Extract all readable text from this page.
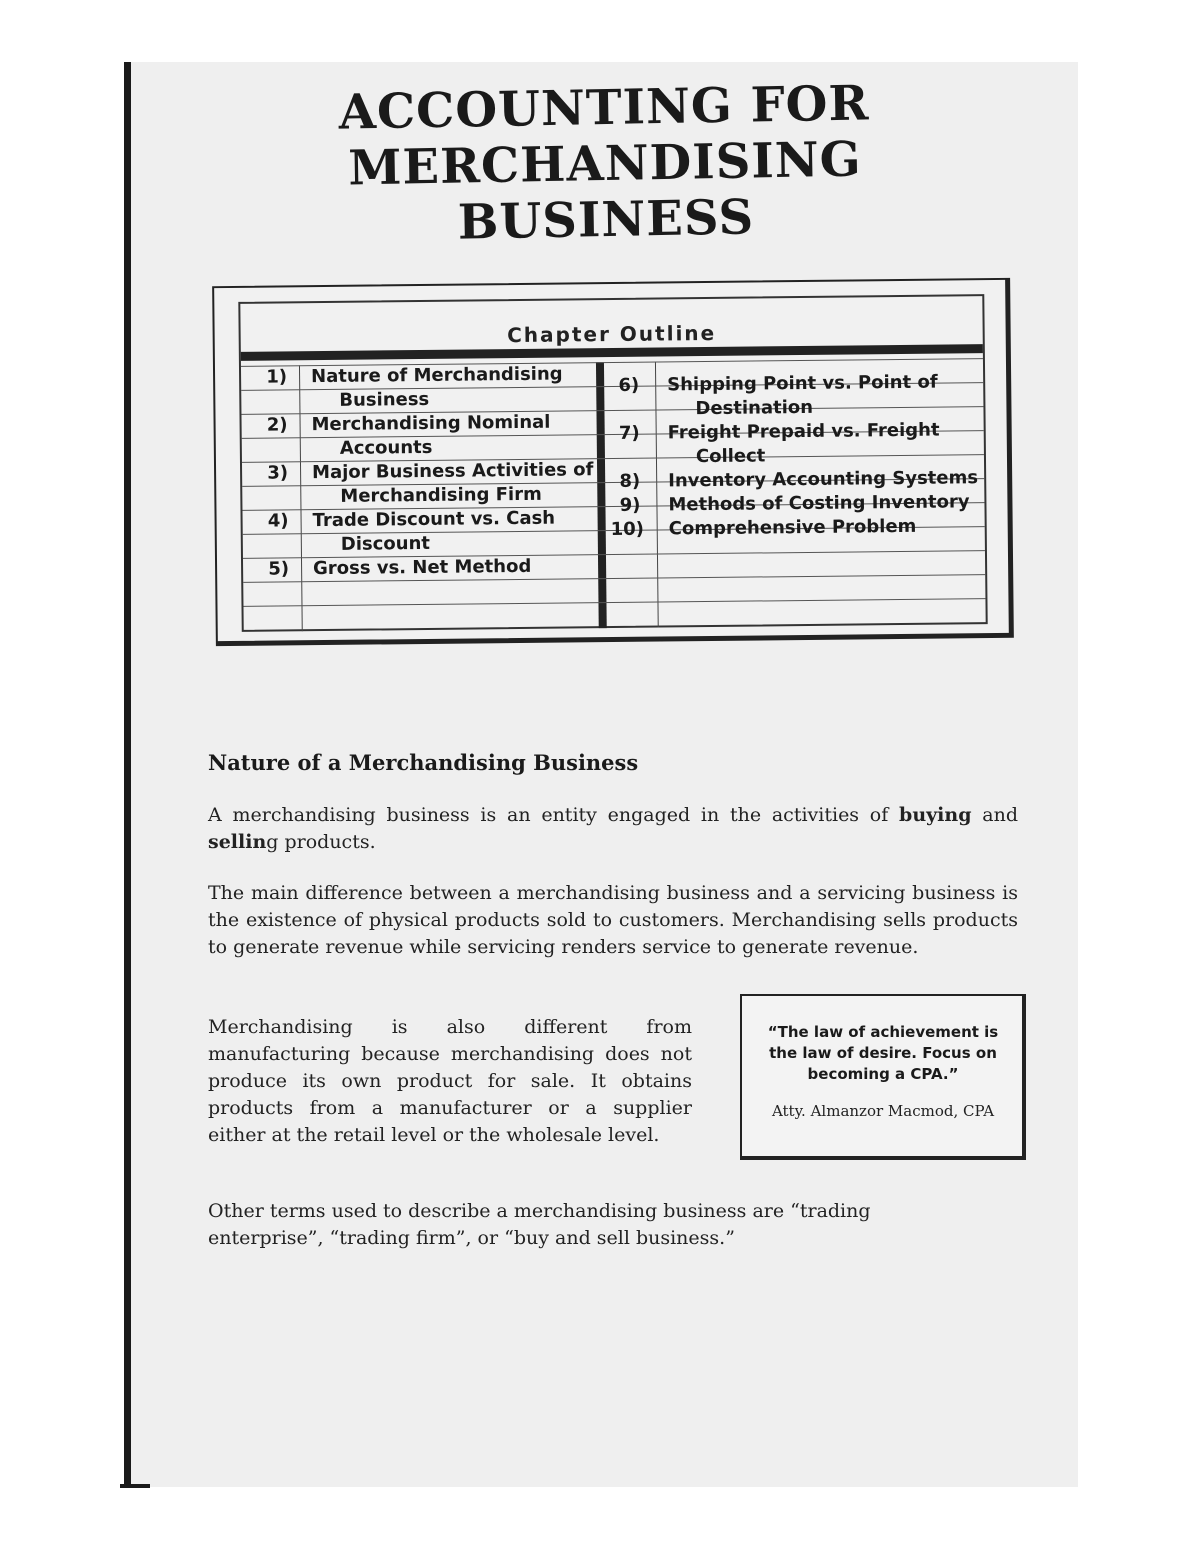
ACCOUNTING FOR
MERCHANDISING BUSINESS
Chapter Outline
1) Nature of Merchandising
Business
2) Merchandising Nominal
Accounts
3) Major Business Activities of
Merchandising Firm
4) Trade Discount vs. Cash
Discount
5) Gross vs. Net Method
6) Shipping Point vs. Point of
Destination
7) Freight Prepaid vs. Freight
Collect
8) Inventory Accounting Systems
9) Methods of Costing Inventory
10) Comprehensive Problem
Nature of a Merchandising Business

A merchandising business is an entity engaged in the activities of buying and selling products.

The main difference between a merchandising business and a servicing business is the existence of physical products sold to customers. Merchandising sells products to generate revenue while servicing renders service to generate revenue.

Merchandising is also different from manufacturing because merchandising does not produce its own product for sale. It obtains products from a manufacturer or a supplier either at the retail level or the wholesale level.

“The law of achievement is the law of desire. Focus on becoming a CPA.”
Atty. Almanzor Macmod, CPA

Other terms used to describe a merchandising business are “trading enterprise”, “trading firm”, or “buy and sell business.”
